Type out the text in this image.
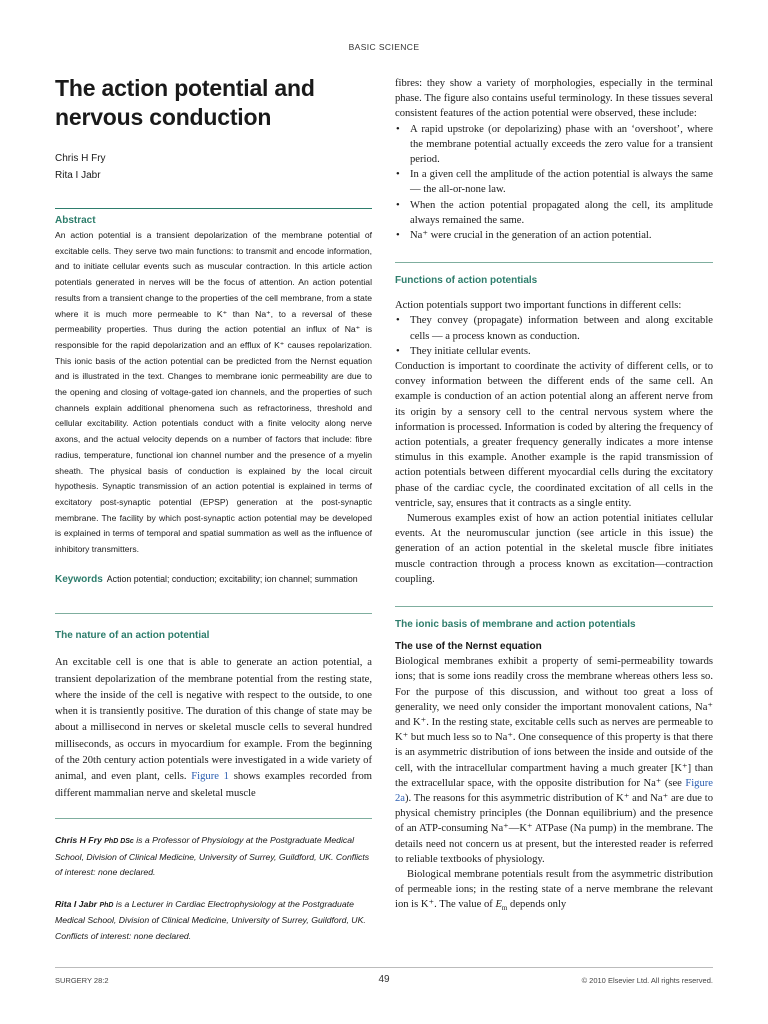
BASIC SCIENCE
The action potential and nervous conduction
Chris H Fry
Rita I Jabr
Abstract

An action potential is a transient depolarization of the membrane potential of excitable cells. They serve two main functions: to transmit and encode information, and to initiate cellular events such as muscular contraction. In this article action potentials generated in nerves will be the focus of attention. An action potential results from a transient change to the properties of the cell membrane, from a state where it is much more permeable to K⁺ than Na⁺, to a reversal of these permeability properties. Thus during the action potential an influx of Na⁺ is responsible for the rapid depolarization and an efflux of K⁺ causes repolarization. This ionic basis of the action potential can be predicted from the Nernst equation and is illustrated in the text. Changes to membrane ionic permeability are due to the opening and closing of voltage-gated ion channels, and the properties of such channels explain additional phenomena such as refractoriness, threshold and cellular excitability. Action potentials conduct with a finite velocity along nerve axons, and the actual velocity depends on a number of factors that include: fibre radius, temperature, functional ion channel number and the presence of a myelin sheath. The physical basis of conduction is explained by the local circuit hypothesis. Synaptic transmission of an action potential is explained in terms of excitatory post-synaptic potential (EPSP) generation at the post-synaptic membrane. The facility by which post-synaptic action potential may be developed is explained in terms of temporal and spatial summation as well as the influence of inhibitory transmitters.

Keywords Action potential; conduction; excitability; ion channel; summation
The nature of an action potential

An excitable cell is one that is able to generate an action potential, a transient depolarization of the membrane potential from the resting state, where the inside of the cell is negative with respect to the outside, to one when it is transiently positive. The duration of this change of state may be about a millisecond in nerves or skeletal muscle cells to several hundred milliseconds, as occurs in myocardium for example. From the beginning of the 20th century action potentials were investigated in a wide variety of animal, and even plant, cells. Figure 1 shows examples recorded from different mammalian nerve and skeletal muscle

Chris H Fry PhD DSc is a Professor of Physiology at the Postgraduate Medical School, Division of Clinical Medicine, University of Surrey, Guildford, UK. Conflicts of interest: none declared.

Rita I Jabr PhD is a Lecturer in Cardiac Electrophysiology at the Postgraduate Medical School, Division of Clinical Medicine, University of Surrey, Guildford, UK. Conflicts of interest: none declared.

fibres: they show a variety of morphologies, especially in the terminal phase. The figure also contains useful terminology. In these tissues several consistent features of the action potential were observed, these include:

• A rapid upstroke (or depolarizing) phase with an ‘overshoot’, where the membrane potential actually exceeds the zero value for a transient period.
• In a given cell the amplitude of the action potential is always the same — the all-or-none law.
• When the action potential propagated along the cell, its amplitude always remained the same.
• Na⁺ were crucial in the generation of an action potential.
Functions of action potentials

Action potentials support two important functions in different cells:

• They convey (propagate) information between and along excitable cells — a process known as conduction.
• They initiate cellular events.

Conduction is important to coordinate the activity of different cells, or to convey information between the different ends of the same cell. An example is conduction of an action potential along an afferent nerve from its origin by a sensory cell to the central nervous system where the information is processed. Information is coded by altering the frequency of action potentials, a greater frequency generally indicates a more intense stimulus in this example. Another example is the rapid transmission of action potentials between different myocardial cells during the excitatory phase of the cardiac cycle, the coordinated excitation of all cells in the ventricle, say, ensures that it contracts as a single entity.

Numerous examples exist of how an action potential initiates cellular events. At the neuromuscular junction (see article in this issue) the generation of an action potential in the skeletal muscle fibre initiates muscle contraction through a process known as excitation—contraction coupling.

The ionic basis of membrane and action potentials
The use of the Nernst equation

Biological membranes exhibit a property of semi-permeability towards ions; that is some ions readily cross the membrane whereas others less so. For the purpose of this discussion, and without too great a loss of generality, we need only consider the important monovalent cations, Na⁺ and K⁺. In the resting state, excitable cells such as nerves are permeable to K⁺ but much less so to Na⁺. One consequence of this property is that there is an asymmetric distribution of ions between the inside and outside of the cell, with the intracellular compartment having a much greater [K⁺] than the extracellular space, with the opposite distribution for Na⁺ (see Figure 2a). The reasons for this asymmetric distribution of K⁺ and Na⁺ are due to physical chemistry principles (the Donnan equilibrium) and the presence of an ATP-consuming Na⁺—K⁺ ATPase (Na pump) in the membrane. The details need not concern us at present, but the interested reader is referred to reliable textbooks of physiology.

Biological membrane potentials result from the asymmetric distribution of permeable ions; in the resting state of a nerve membrane the relevant ion is K⁺. The value of $E_m$ depends only

SURGERY 28:2	49	© 2010 Elsevier Ltd. All rights reserved.
